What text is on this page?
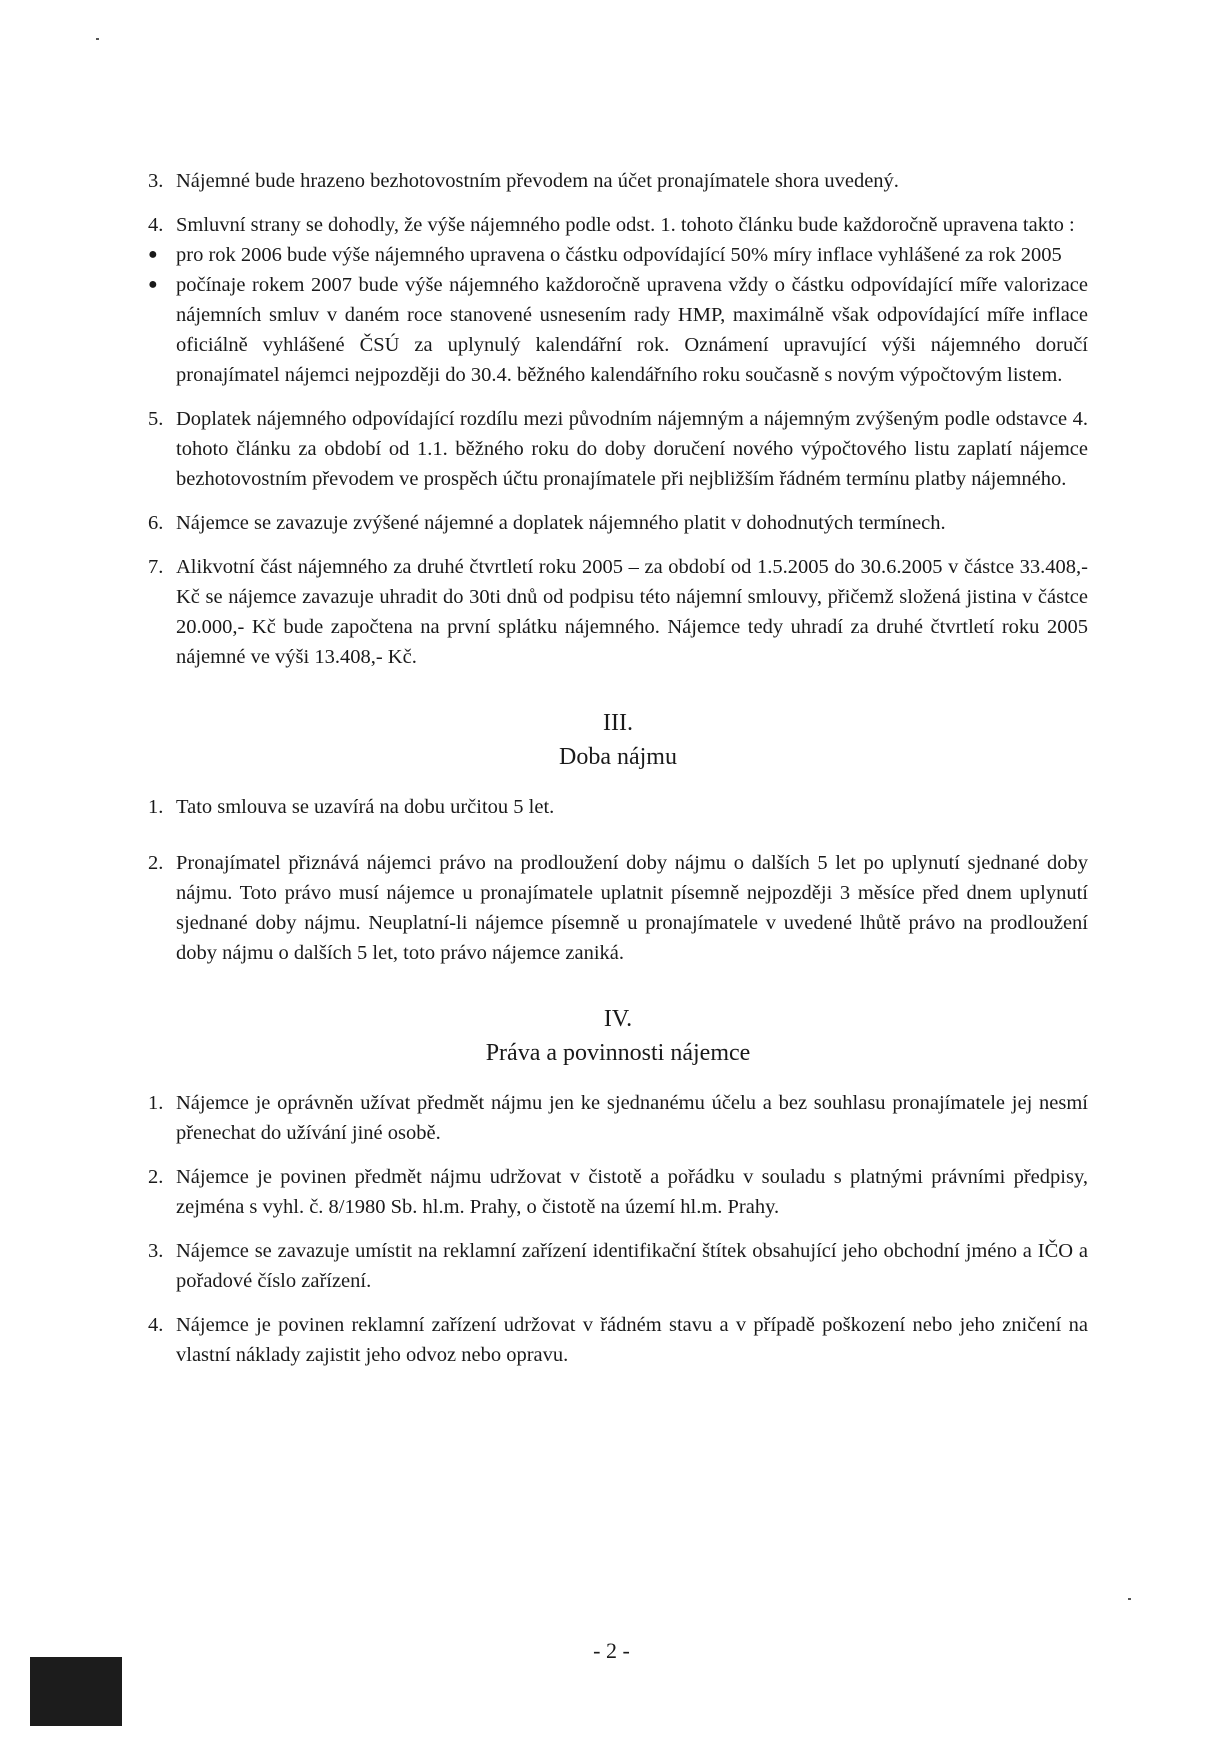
3. Nájemné bude hrazeno bezhotovostním převodem na účet pronajímatele shora uvedený.
4. Smluvní strany se dohodly, že výše nájemného podle odst. 1. tohoto článku bude každoročně upravena takto :
● pro rok 2006 bude výše nájemného upravena o částku odpovídající 50% míry inflace vyhlášené za rok 2005
● počínaje rokem 2007 bude výše nájemného každoročně upravena vždy o částku odpovídající míře valorizace nájemních smluv v daném roce stanovené usnesením rady HMP, maximálně však odpovídající míře inflace oficiálně vyhlášené ČSÚ za uplynulý kalendářní rok. Oznámení upravující výši nájemného doručí pronajímatel nájemci nejpozději do 30.4. běžného kalendářního roku současně s novým výpočtovým listem.
5. Doplatek nájemného odpovídající rozdílu mezi původním nájemným a nájemným zvýšeným podle odstavce 4. tohoto článku za období od 1.1. běžného roku do doby doručení nového výpočtového listu zaplatí nájemce bezhotovostním převodem ve prospěch účtu pronajímatele při nejbližším řádném termínu platby nájemného.
6. Nájemce se zavazuje zvýšené nájemné a doplatek nájemného platit v dohodnutých termínech.
7. Alikvotní část nájemného za druhé čtvrtletí roku 2005 – za období od 1.5.2005 do 30.6.2005 v částce 33.408,- Kč se nájemce zavazuje uhradit do 30ti dnů od podpisu této nájemní smlouvy, přičemž složená jistina v částce 20.000,- Kč bude započtena na první splátku nájemného. Nájemce tedy uhradí za druhé čtvrtletí roku 2005 nájemné ve výši 13.408,- Kč.
III.
Doba nájmu
1. Tato smlouva se uzavírá na dobu určitou 5 let.
2. Pronajímatel přiznává nájemci právo na prodloužení doby nájmu o dalších 5 let po uplynutí sjednané doby nájmu. Toto právo musí nájemce u pronajímatele uplatnit písemně nejpozději 3 měsíce před dnem uplynutí sjednané doby nájmu. Neuplatní-li nájemce písemně u pronajímatele v uvedené lhůtě právo na prodloužení doby nájmu o dalších 5 let, toto právo nájemce zaniká.
IV.
Práva a povinnosti nájemce
1. Nájemce je oprávněn užívat předmět nájmu jen ke sjednanému účelu a bez souhlasu pronajímatele jej nesmí přenechat do užívání jiné osobě.
2. Nájemce je povinen předmět nájmu udržovat v čistotě a pořádku v souladu s platnými právními předpisy, zejména s vyhl. č. 8/1980 Sb. hl.m. Prahy, o čistotě na území hl.m. Prahy.
3. Nájemce se zavazuje umístit na reklamní zařízení identifikační štítek obsahující jeho obchodní jméno a IČO a pořadové číslo zařízení.
4. Nájemce je povinen reklamní zařízení udržovat v řádném stavu a v případě poškození nebo jeho zničení na vlastní náklady zajistit jeho odvoz nebo opravu.
- 2 -
